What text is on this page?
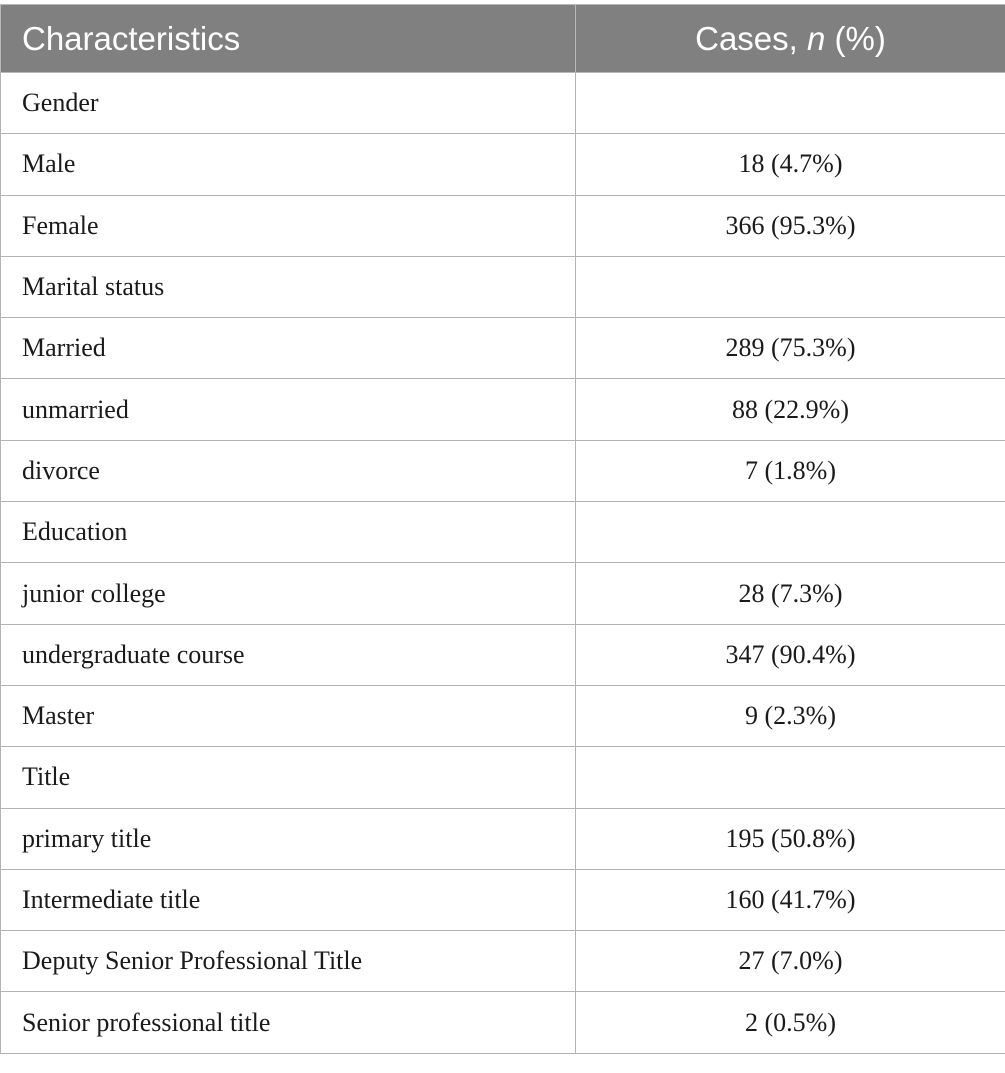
Characteristics	Cases, n (%)
Gender	
Male	18 (4.7%)
Female	366 (95.3%)
Marital status	
Married	289 (75.3%)
unmarried	88 (22.9%)
divorce	7 (1.8%)
Education	
junior college	28 (7.3%)
undergraduate course	347 (90.4%)
Master	9 (2.3%)
Title	
primary title	195 (50.8%)
Intermediate title	160 (41.7%)
Deputy Senior Professional Title	27 (7.0%)
Senior professional title	2 (0.5%)
